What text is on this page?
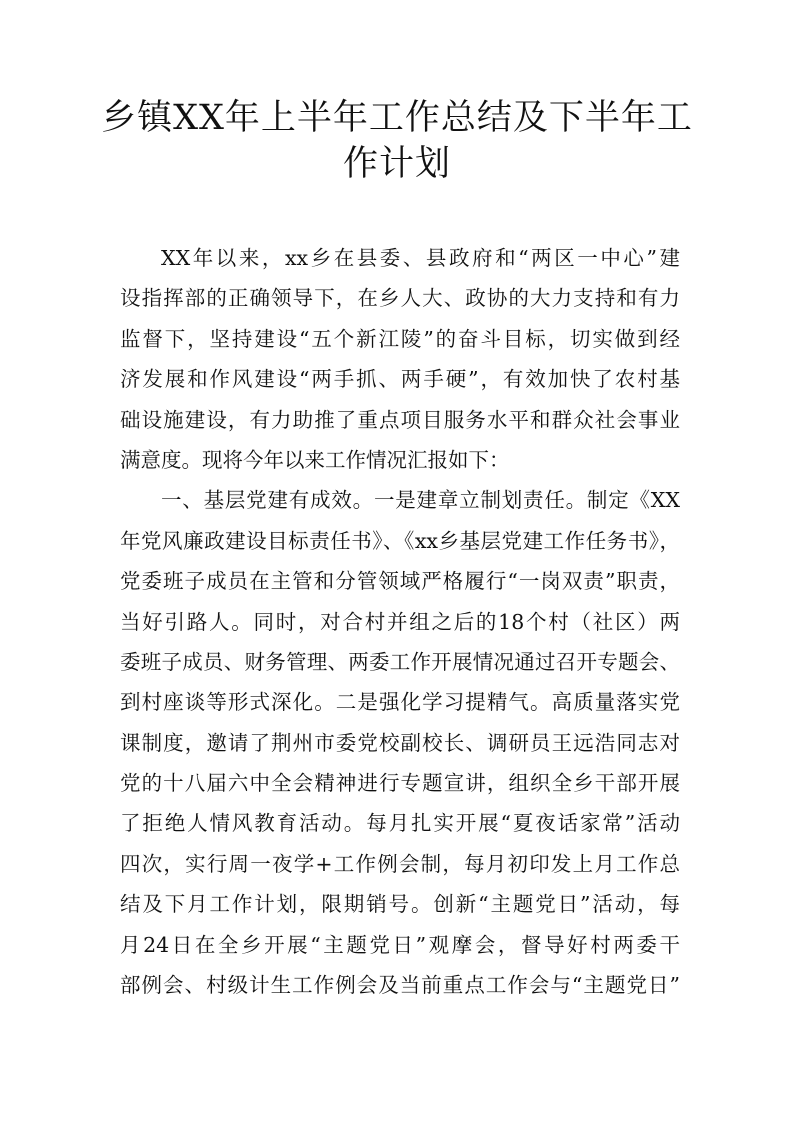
乡镇XX年上半年工作总结及下半年工
作计划
XX年以来，xx乡在县委、县政府和“两区一中心”建
设指挥部的正确领导下，在乡人大、政协的大力支持和有力
监督下，坚持建设“五个新江陵”的奋斗目标，切实做到经
济发展和作风建设“两手抓、两手硬”，有效加快了农村基
础设施建设，有力助推了重点项目服务水平和群众社会事业
满意度。现将今年以来工作情况汇报如下：
一、基层党建有成效。一是建章立制划责任。制定《XX
年党风廉政建设目标责任书》、《xx乡基层党建工作任务书》，
党委班子成员在主管和分管领域严格履行“一岗双责”职责，
当好引路人。同时，对合村并组之后的18个村（社区）两
委班子成员、财务管理、两委工作开展情况通过召开专题会、
到村座谈等形式深化。二是强化学习提精气。高质量落实党
课制度，邀请了荆州市委党校副校长、调研员王远浩同志对
党的十八届六中全会精神进行专题宣讲，组织全乡干部开展
了拒绝人情风教育活动。每月扎实开展“夏夜话家常”活动
四次，实行周一夜学+工作例会制，每月初印发上月工作总
结及下月工作计划，限期销号。创新“主题党日”活动，每
月24日在全乡开展“主题党日”观摩会，督导好村两委干
部例会、村级计生工作例会及当前重点工作会与“主题党日”
